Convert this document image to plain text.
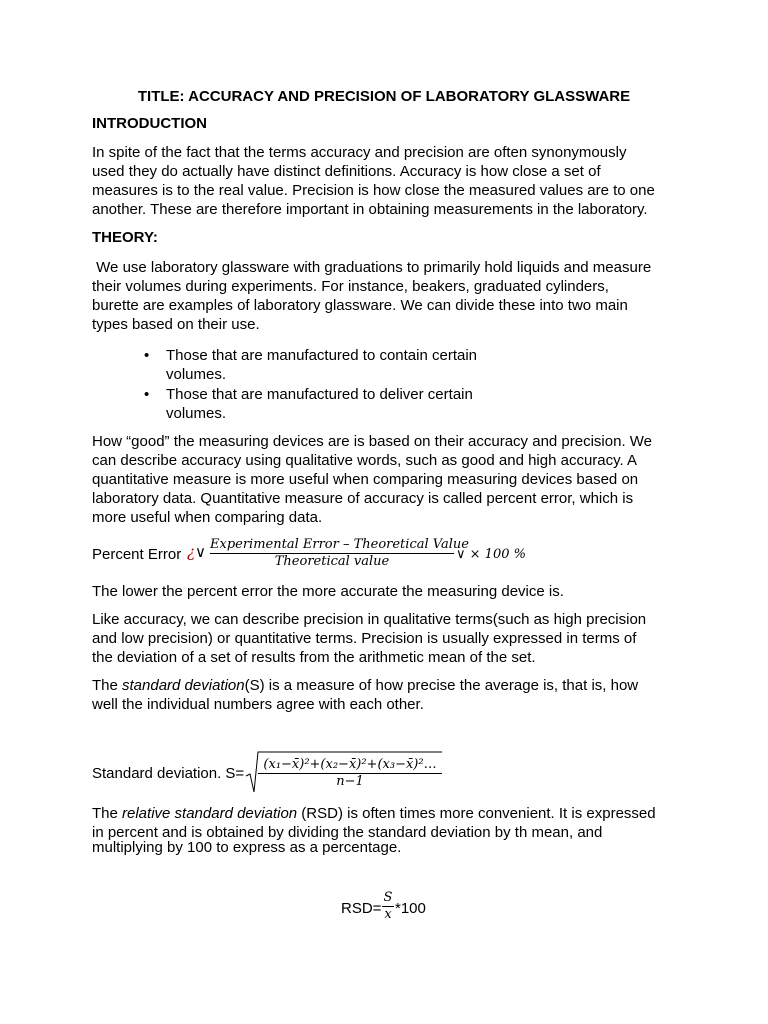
TITLE: ACCURACY AND PRECISION OF LABORATORY GLASSWARE
INTRODUCTION
In spite of the fact that the terms accuracy and precision are often synonymously
used they do actually have distinct definitions. Accuracy is how close a set of
measures is to the real value. Precision is how close the measured values are to one
another. These are therefore important in obtaining measurements in the laboratory.
THEORY:
We use laboratory glassware with graduations to primarily hold liquids and measure
their volumes during experiments. For instance, beakers, graduated cylinders,
burette are examples of laboratory glassware. We can divide these into two main
types based on their use.
• Those that are manufactured to contain certain
volumes.
• Those that are manufactured to deliver certain
volumes.
How “good” the measuring devices are is based on their accuracy and precision. We
can describe accuracy using qualitative words, such as good and high accuracy. A
quantitative measure is more useful when comparing measuring devices based on
laboratory data. Quantitative measure of accuracy is called percent error, which is
more useful when comparing data.
Percent Error ¿∨ Experimental Error – Theoretical Value
Theoretical value	∨ × 100 %
The lower the percent error the more accurate the measuring device is.
Like accuracy, we can describe precision in qualitative terms(such as high precision
and low precision) or quantitative terms. Precision is usually expressed in terms of
the deviation of a set of results from the arithmetic mean of the set.
The standard deviation(S) is a measure of how precise the average is, that is, how
well the individual numbers agree with each other.
Standard deviation. S=
(x₁−x̄)²+(x₂−x̄)²+(x₃−x̄)²…
n−1
The relative standard deviation (RSD) is often times more convenient. It is expressed
in percent and is obtained by dividing the standard deviation by th mean, and
multiplying by 100 to express as a percentage.
$RSD= \frac{S}{x} *100$
